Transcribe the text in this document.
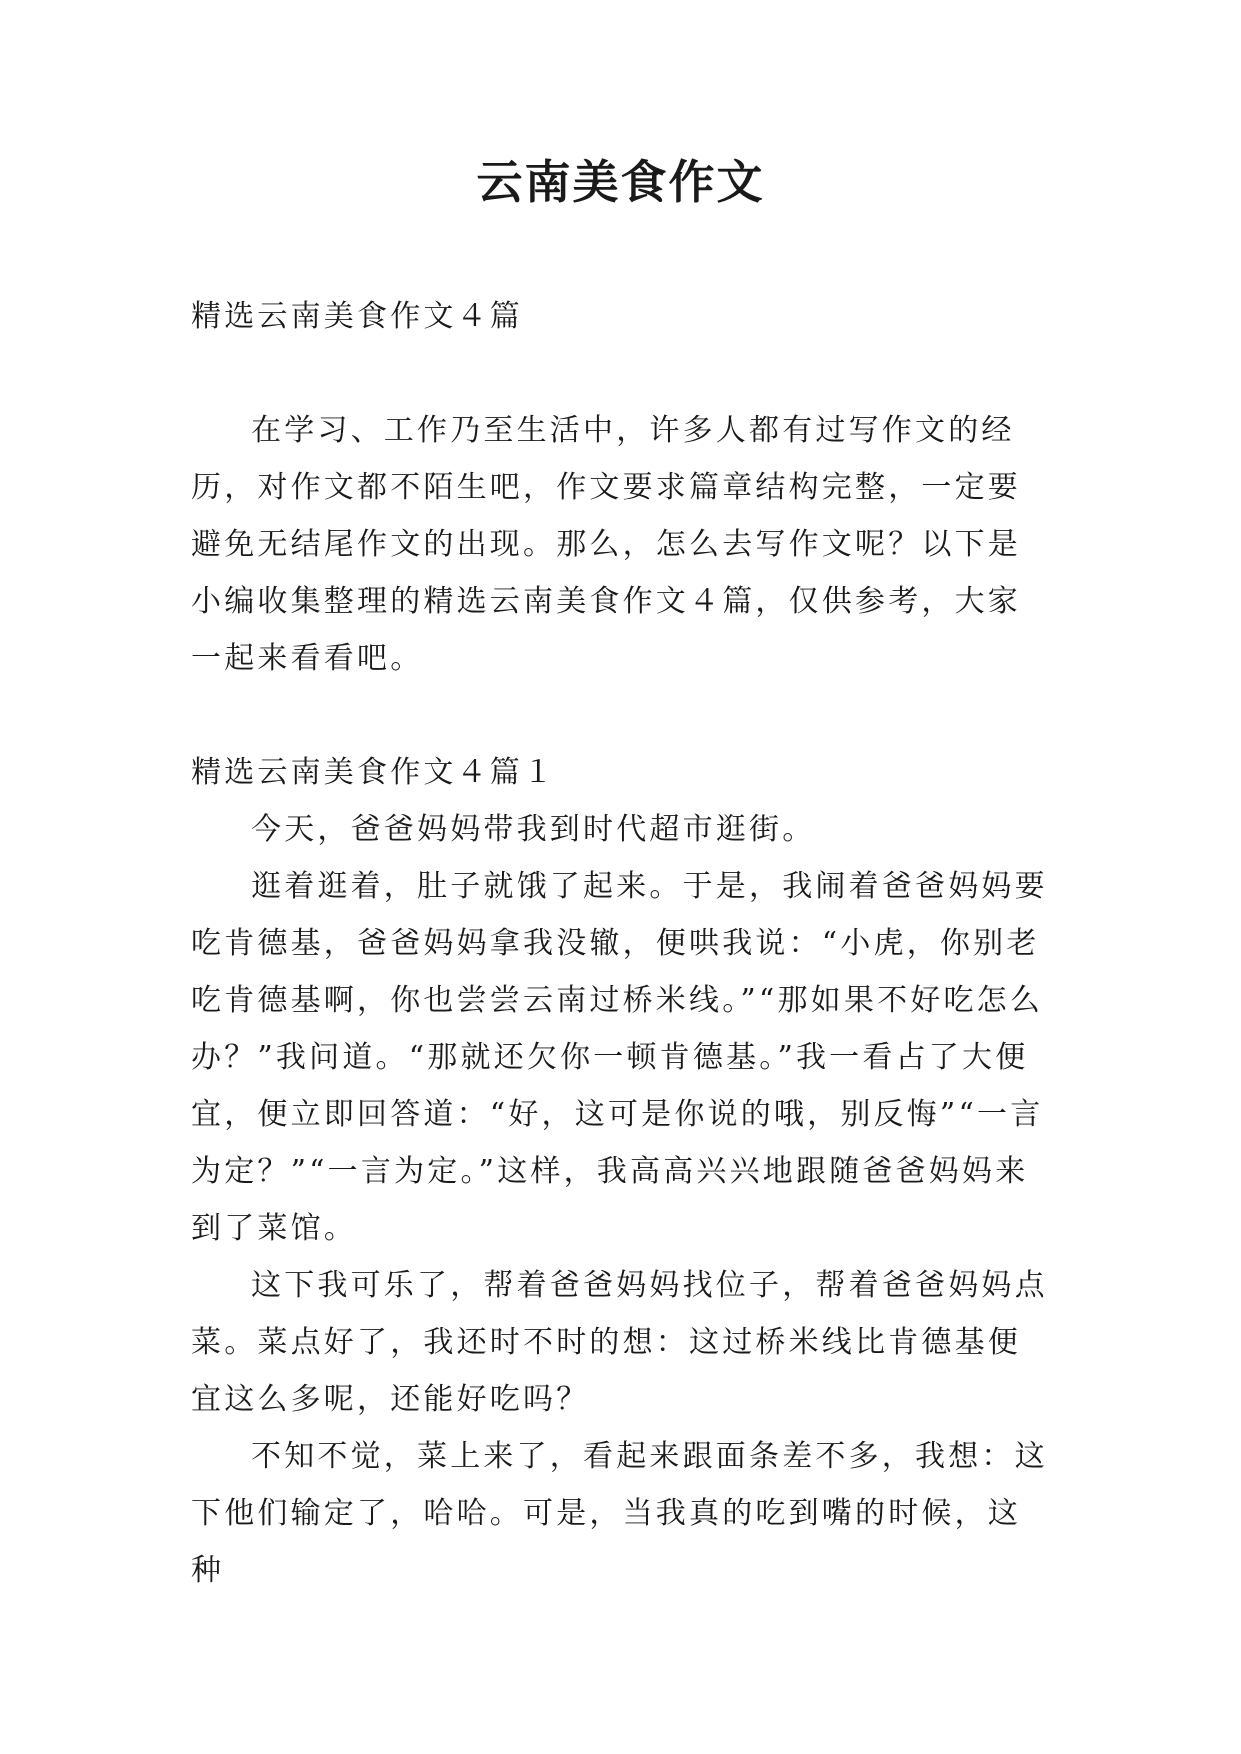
云南美食作文

精选云南美食作文４篇

在学习、工作乃至生活中，许多人都有过写作文的经历，对作文都不陌生吧，作文要求篇章结构完整，一定要避免无结尾作文的出现。那么，怎么去写作文呢？以下是小编收集整理的精选云南美食作文４篇，仅供参考，大家一起来看看吧。

精选云南美食作文４篇１

今天，爸爸妈妈带我到时代超市逛街。

逛着逛着，肚子就饿了起来。于是，我闹着爸爸妈妈要吃肯德基，爸爸妈妈拿我没辙，便哄我说：“小虎，你别老吃肯德基啊，你也尝尝云南过桥米线。”“那如果不好吃怎么办？”我问道。“那就还欠你一顿肯德基。”我一看占了大便宜，便立即回答道：“好，这可是你说的哦，别反悔”“一言为定？”“一言为定。”这样，我高高兴兴地跟随爸爸妈妈来到了菜馆。

这下我可乐了，帮着爸爸妈妈找位子，帮着爸爸妈妈点菜。菜点好了，我还时不时的想：这过桥米线比肯德基便宜这么多呢，还能好吃吗？

不知不觉，菜上来了，看起来跟面条差不多，我想：这下他们输定了，哈哈。可是，当我真的吃到嘴的时候，这种
